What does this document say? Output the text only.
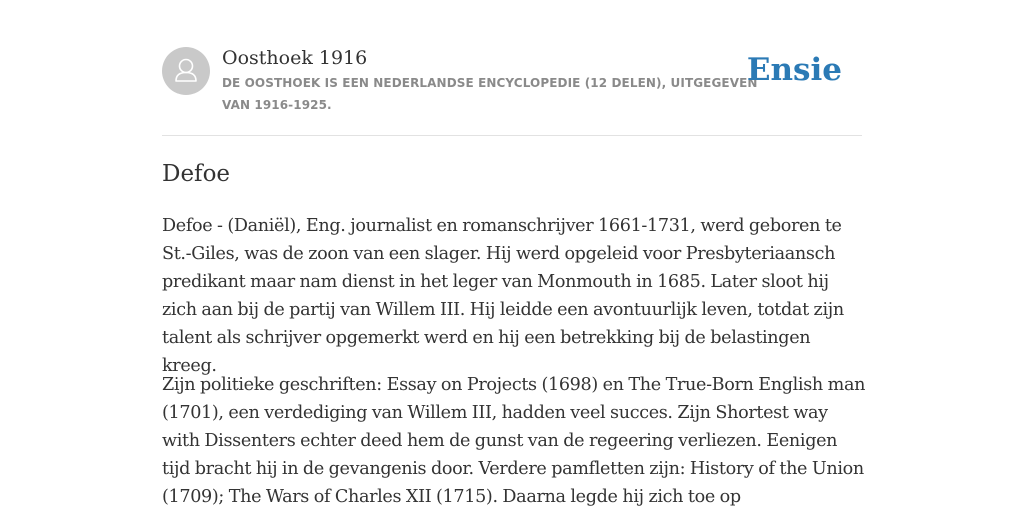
Oosthoek 1916
DE OOSTHOEK IS EEN NEDERLANDSE ENCYCLOPEDIE (12 DELEN), UITGEGEVEN VAN 1916-1925.
Ensie
Defoe

Defoe - (Daniël), Eng. journalist en romanschrijver 1661-1731, werd geboren te St.-Giles, was de zoon van een slager. Hij werd opgeleid voor Presbyteriaansch predikant maar nam dienst in het leger van Monmouth in 1685. Later sloot hij zich aan bij de partij van Willem III. Hij leidde een avontuurlijk leven, totdat zijn talent als schrijver opgemerkt werd en hij een betrekking bij de belastingen kreeg.

Zijn politieke geschriften: Essay on Projects (1698) en The True-Born English man (1701), een verdediging van Willem III, hadden veel succes. Zijn Shortest way with Dissenters echter deed hem de gunst van de regeering verliezen. Eenigen tijd bracht hij in de gevangenis door. Verdere pamfletten zijn: History of the Union (1709); The Wars of Charles XII (1715). Daarna legde hij zich toe op
